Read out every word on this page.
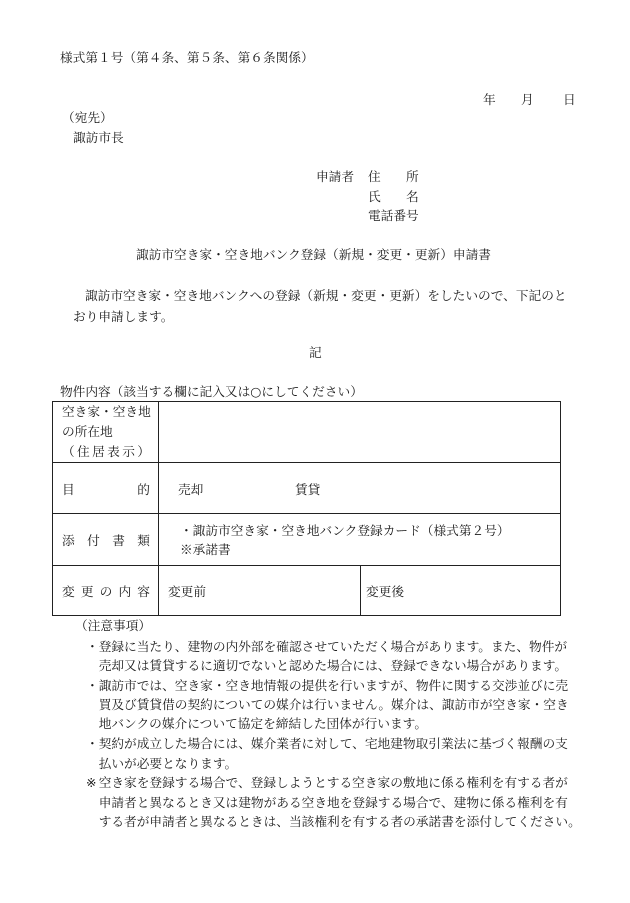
様式第１号（第４条、第５条、第６条関係）
年 月 日
（宛先）
諏訪市長
申請者 住　　所
氏　　名
電話番号
諏訪市空き家・空き地バンク登録（新規・変更・更新）申請書
諏訪市空き家・空き地バンクへの登録（新規・変更・更新）をしたいので、下記のと
おり申請します。
記
物件内容（該当する欄に記入又は○にしてください）
空き家・空き地
の所在地
（住居表示）
目的 売却	賃貸
添付書類
・諏訪市空き家・空き地バンク登録カード（様式第２号）
※承諾書
変更の内容 変更前	変更後
（注意事項）
・登録に当たり、建物の内外部を確認させていただく場合があります。また、物件が
売却又は賃貸するに適切でないと認めた場合には、登録できない場合があります。
・諏訪市では、空き家・空き地情報の提供を行いますが、物件に関する交渉並びに売
買及び賃貸借の契約についての媒介は行いません。媒介は、諏訪市が空き家・空き
地バンクの媒介について協定を締結した団体が行います。
・契約が成立した場合には、媒介業者に対して、宅地建物取引業法に基づく報酬の支
払いが必要となります。
※ 空き家を登録する場合で、登録しようとする空き家の敷地に係る権利を有する者が
申請者と異なるとき又は建物がある空き地を登録する場合で、建物に係る権利を有
する者が申請者と異なるときは、当該権利を有する者の承諾書を添付してください。
